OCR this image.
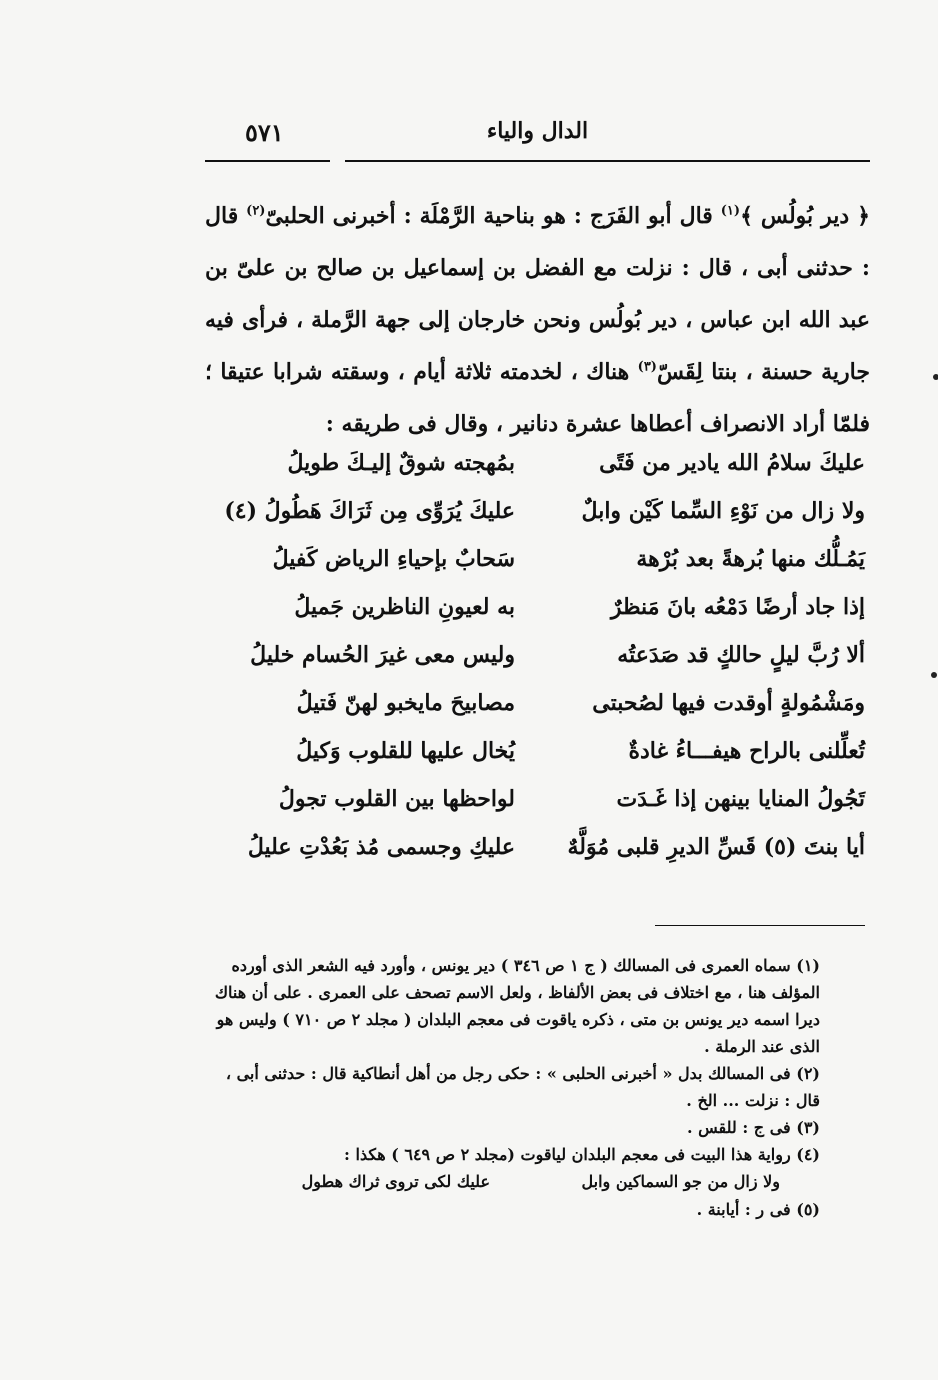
٥٧١	الدال والياء
﴿ دير بُولُس ﴾$^{(١)}$ قال أبو الفَرَج : هو بناحية الرَّمْلَة : أخبرنى الحلبىّ$^{(٢)}$ قال : حدثنى أبى ، قال : نزلت مع الفضل بن إسماعيل بن صالح بن علىّ بن عبد الله ابن عباس ، دير بُولُس ونحن خارجان إلى جهة الرَّملة ، فرأى فيه جارية حسنة ، بنتا لِقَسّ$^{(٣)}$ هناك ، لخدمته ثلاثة أيام ، وسقته شرابا عتيقا ؛ فلمّا أراد الانصراف أعطاها عشرة دنانير ، وقال فى طريقه :
عليكَ سلامُ الله يادير من فَتًى
بمُهجته شوقٌ إليـكَ طويلُ
ولا زال من نَوْءِ السِّما كَيْن وابلٌ
عليكَ يُرَوِّى مِن ثَرَاكَ هَطُولُ (٤)
يَمُـلُّك منها بُرهةً بعد بُرْهة
سَحابٌ بإحياءِ الرياض كَفيلُ
إذا جاد أرضًا دَمْعُه بانَ مَنظرٌ
به لعيونِ الناظرين جَميلُ
ألا رُبَّ ليلٍ حالكٍ قد صَدَعتُه
وليس معى غيرَ الحُسام خليلُ
ومَشْمُولةٍ أوقدت فيها لصُحبتى
مصابيحَ مايخبو لهنّ فَتيلُ
تُعلِّلنى بالراح هيفـــاءُ غادةٌ
يُخال عليها للقلوب وَكيلُ
تَجُولُ المنايا بينهن إذا غَـدَت
لواحظها بين القلوب تجولُ
أيا بنتَ (٥) قَسِّ الديرِ قلبى مُوَلَّهٌ
عليكِ وجسمى مُذ بَعُدْتِ عليلُ

(١) سماه العمرى فى المسالك ( ج ١ ص ٣٤٦ ) دير يونس ، وأورد فيه الشعر الذى أورده المؤلف هنا ، مع اختلاف فى بعض الألفاظ ، ولعل الاسم تصحف على العمرى . على أن هناك ديرا اسمه دير يونس بن متى ، ذكره ياقوت فى معجم البلدان ( مجلد ٢ ص ٧١٠ ) وليس هو الذى عند الرملة .

(٢) فى المسالك بدل « أخبرنى الحلبى » : حكى رجل من أهل أنطاكية قال : حدثنى أبى ، قال : نزلت ... الخ .

(٣) فى ج : للقس .

(٤) رواية هذا البيت فى معجم البلدان لياقوت (مجلد ٢ ص ٦٤٩ ) هكذا :

ولا زال من جو السماكين وابل
عليك لكى تروى ثراك هطول

(٥) فى ر : أيابنة .
